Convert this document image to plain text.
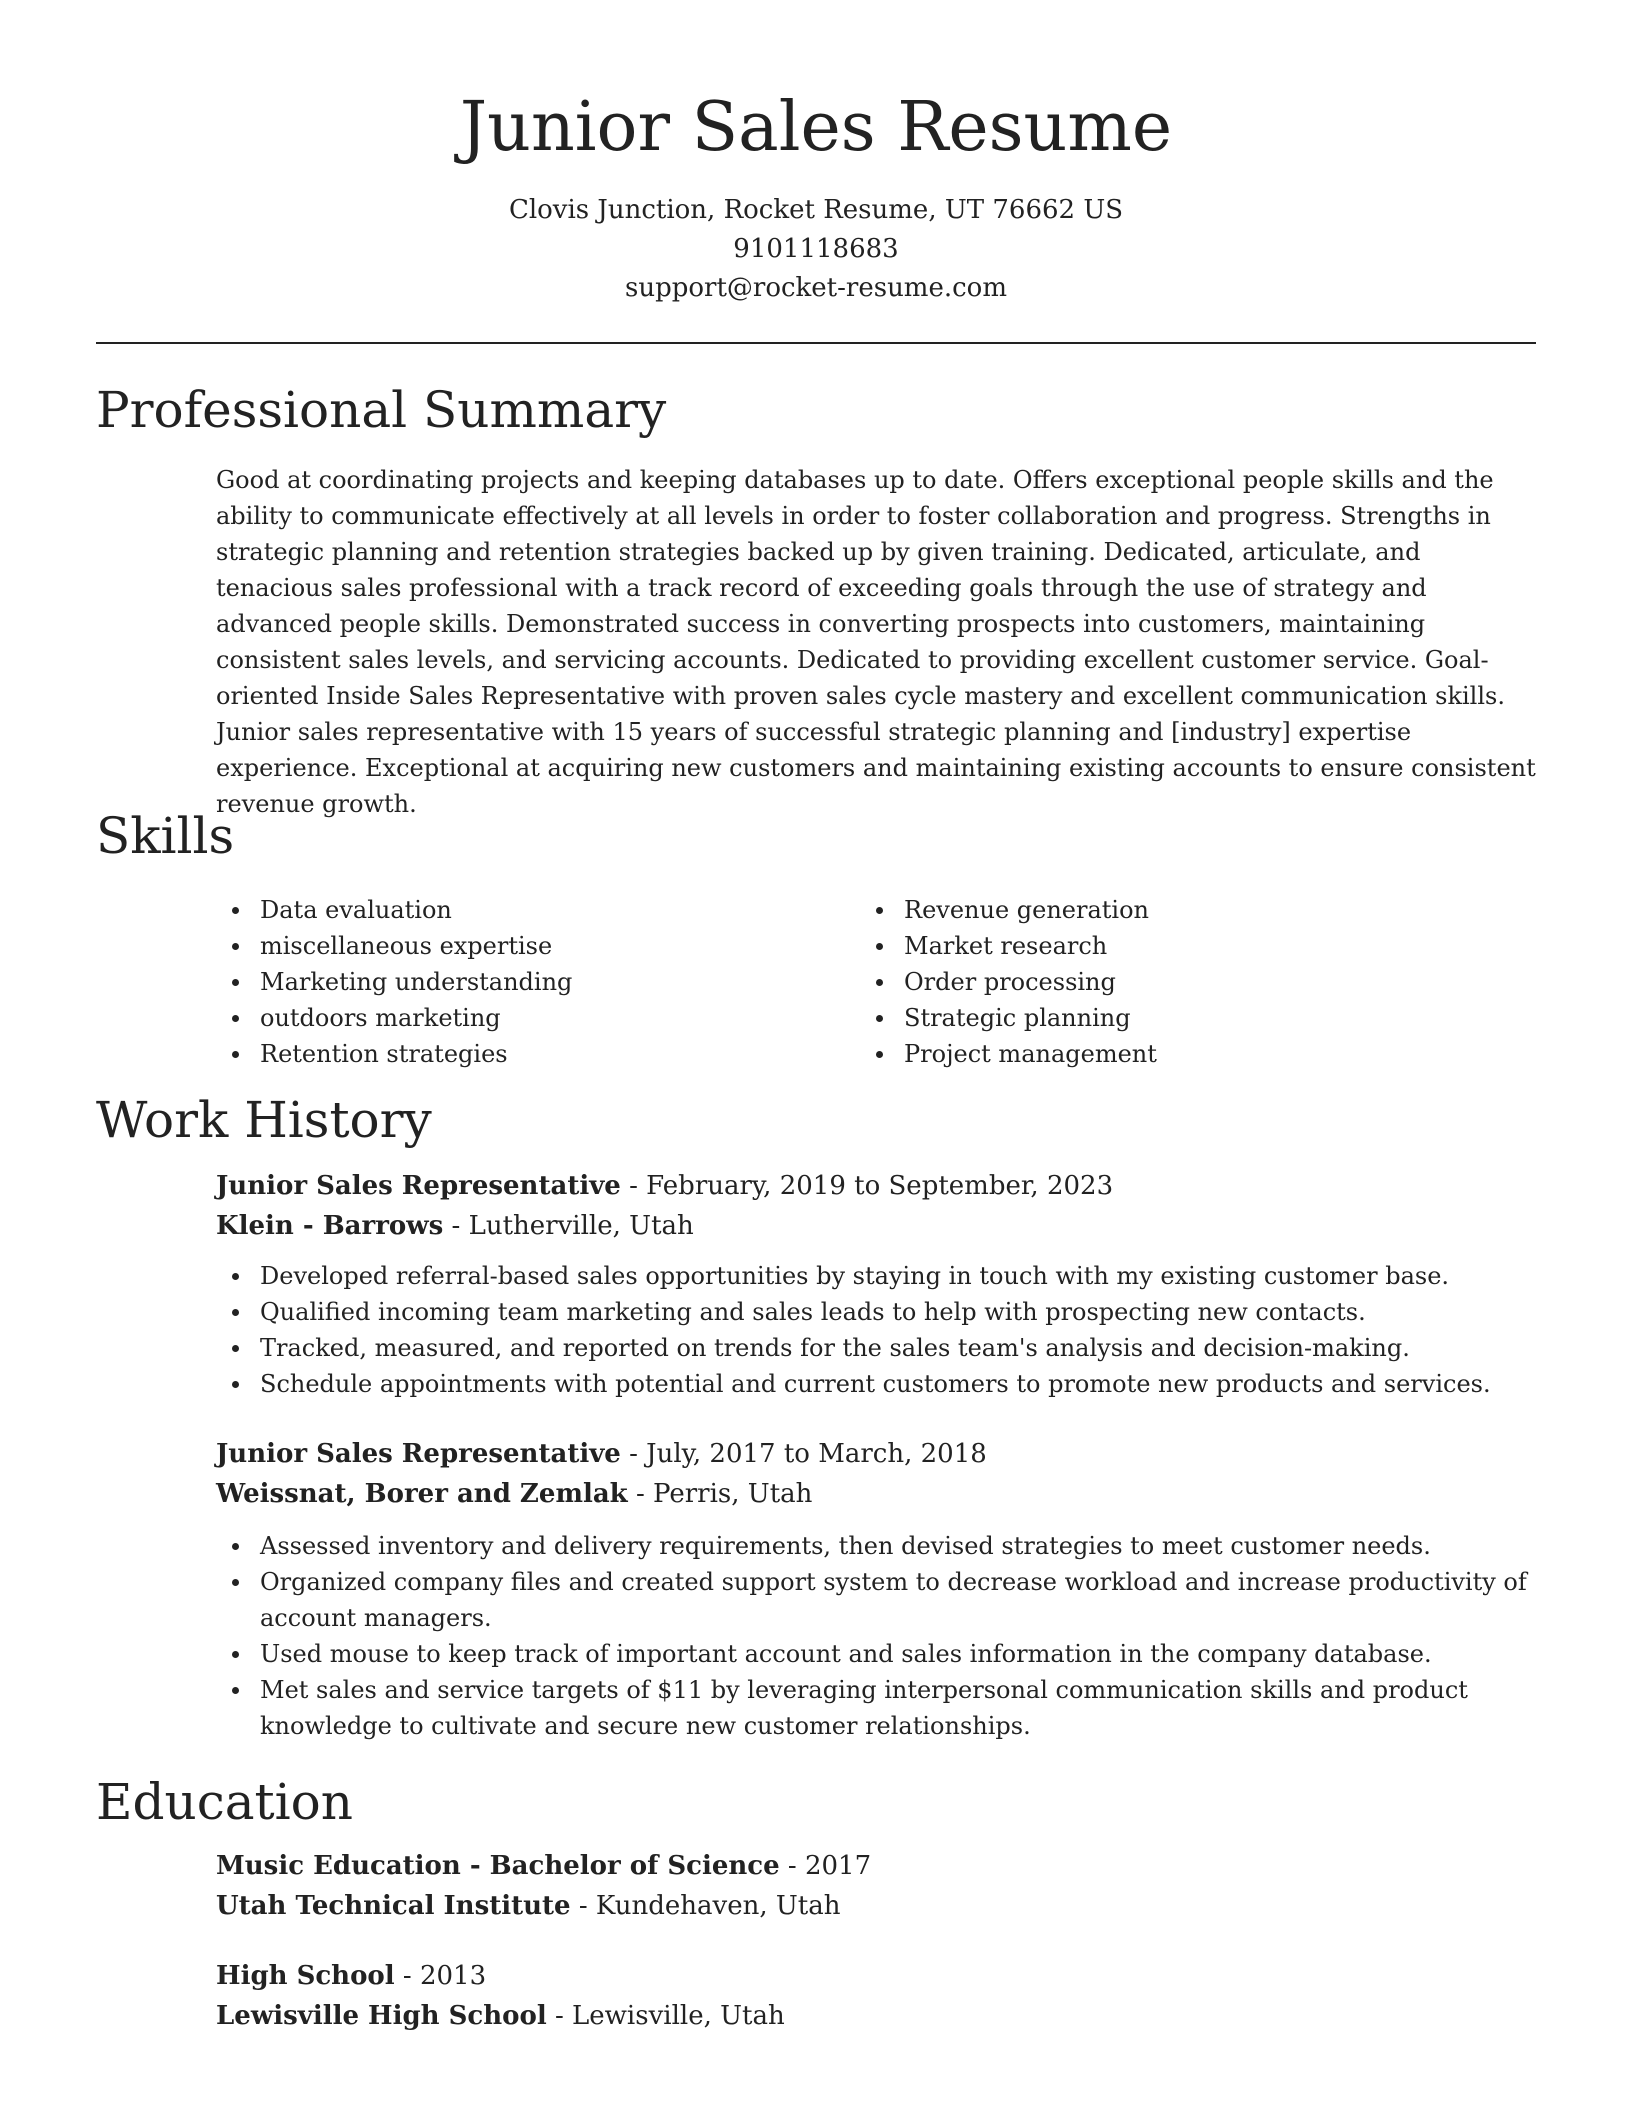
Junior Sales Resume
Clovis Junction, Rocket Resume, UT 76662 US
9101118683
support@rocket-resume.com
Professional Summary

Good at coordinating projects and keeping databases up to date. Offers exceptional people skills and the ability to communicate effectively at all levels in order to foster collaboration and progress. Strengths in strategic planning and retention strategies backed up by given training. Dedicated, articulate, and tenacious sales professional with a track record of exceeding goals through the use of strategy and advanced people skills. Demonstrated success in converting prospects into customers, maintaining consistent sales levels, and servicing accounts. Dedicated to providing excellent customer service. Goal-oriented Inside Sales Representative with proven sales cycle mastery and excellent communication skills. Junior sales representative with 15 years of successful strategic planning and [industry] expertise experience. Exceptional at acquiring new customers and maintaining existing accounts to ensure consistent revenue growth.

Skills
Data evaluation
miscellaneous expertise
Marketing understanding
outdoors marketing
Retention strategies
Revenue generation
Market research
Order processing
Strategic planning
Project management
Work History
Junior Sales Representative - February, 2019 to September, 2023
Klein - Barrows - Lutherville, Utah
Developed referral-based sales opportunities by staying in touch with my existing customer base.
Qualified incoming team marketing and sales leads to help with prospecting new contacts.
Tracked, measured, and reported on trends for the sales team's analysis and decision-making.
Schedule appointments with potential and current customers to promote new products and services.
Junior Sales Representative - July, 2017 to March, 2018
Weissnat, Borer and Zemlak - Perris, Utah
Assessed inventory and delivery requirements, then devised strategies to meet customer needs.
Organized company files and created support system to decrease workload and increase productivity of account managers.
Used mouse to keep track of important account and sales information in the company database.
Met sales and service targets of $11 by leveraging interpersonal communication skills and product knowledge to cultivate and secure new customer relationships.
Education
Music Education - Bachelor of Science - 2017
Utah Technical Institute - Kundehaven, Utah
High School - 2013
Lewisville High School - Lewisville, Utah
